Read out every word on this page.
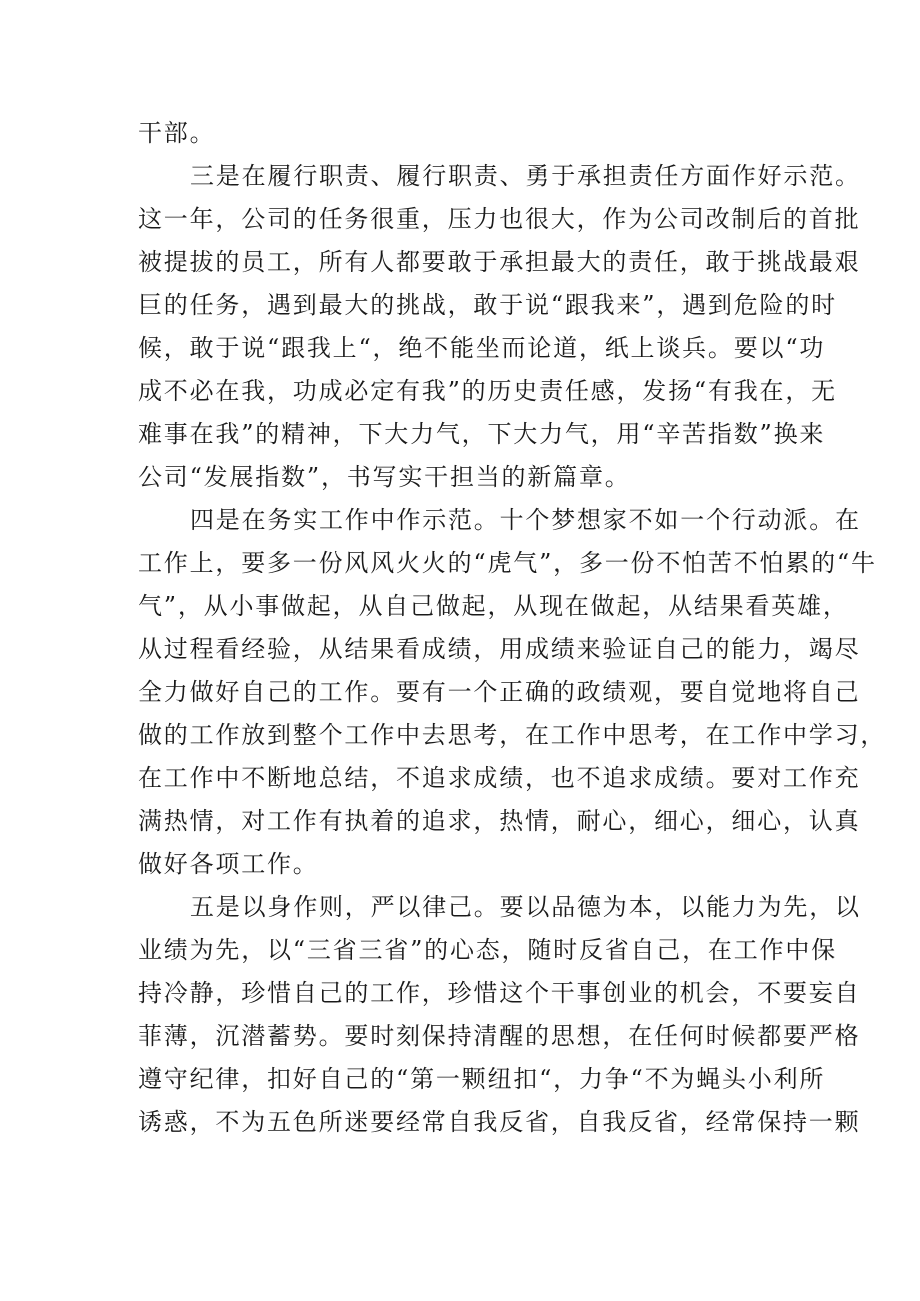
干部。
三是在履行职责、履行职责、勇于承担责任方面作好示范。
这一年，公司的任务很重，压力也很大，作为公司改制后的首批
被提拔的员工，所有人都要敢于承担最大的责任，敢于挑战最艰
巨的任务，遇到最大的挑战，敢于说“跟我来”，遇到危险的时
候，敢于说“跟我上“，绝不能坐而论道，纸上谈兵。要以“功
成不必在我，功成必定有我”的历史责任感，发扬“有我在，无
难事在我”的精神，下大力气，下大力气，用“辛苦指数”换来
公司“发展指数”，书写实干担当的新篇章。
四是在务实工作中作示范。十个梦想家不如一个行动派。在
工作上，要多一份风风火火的“虎气”，多一份不怕苦不怕累的“牛
气”，从小事做起，从自己做起，从现在做起，从结果看英雄，
从过程看经验，从结果看成绩，用成绩来验证自己的能力，竭尽
全力做好自己的工作。要有一个正确的政绩观，要自觉地将自己
做的工作放到整个工作中去思考，在工作中思考，在工作中学习，
在工作中不断地总结，不追求成绩，也不追求成绩。要对工作充
满热情，对工作有执着的追求，热情，耐心，细心，细心，认真
做好各项工作。
五是以身作则，严以律己。要以品德为本，以能力为先，以
业绩为先，以“三省三省”的心态，随时反省自己，在工作中保
持冷静，珍惜自己的工作，珍惜这个干事创业的机会，不要妄自
菲薄，沉潜蓄势。要时刻保持清醒的思想，在任何时候都要严格
遵守纪律，扣好自己的“第一颗纽扣“，力争“不为蝇头小利所
诱惑，不为五色所迷要经常自我反省，自我反省，经常保持一颗
